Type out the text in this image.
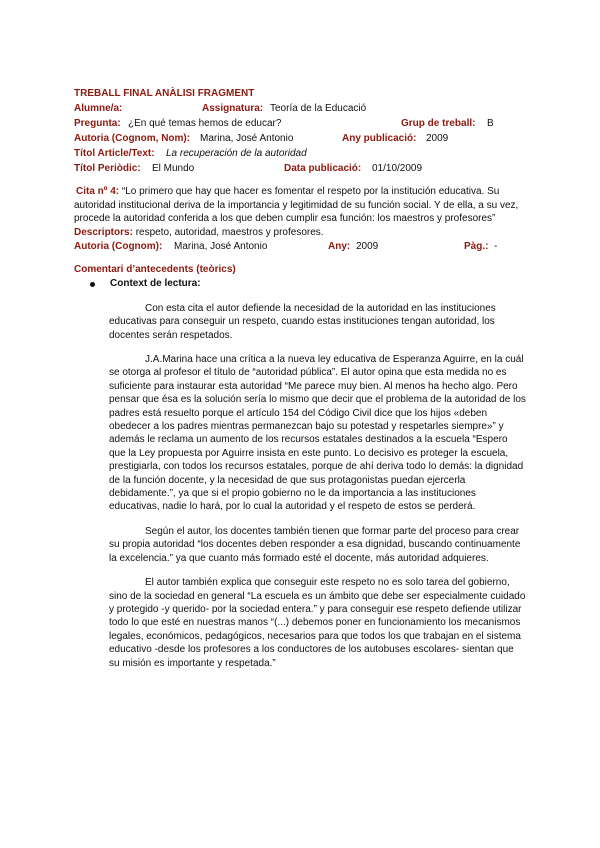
TREBALL FINAL ANÀLISI FRAGMENT
Alumne/a:	Assignatura: Teoría de la Educació
Pregunta: ¿En qué temas hemos de educar?	Grup de treball: B
Autoria (Cognom, Nom): Marina, José Antonio	Any publicació: 2009
Títol Article/Text: La recuperación de la autoridad
Títol Periòdic: El Mundo	Data publicació: 01/10/2009
Cita nº 4: “Lo primero que hay que hacer es fomentar el respeto por la institución educativa. Su autoridad institucional deriva de la importancia y legitimidad de su función social. Y de ella, a su vez, procede la autoridad conferida a los que deben cumplir esa función: los maestros y profesores”
Descriptors: respeto, autoridad, maestros y profesores.
Autoria (Cognom): Marina, José Antonio	Any: 2009	Pàg.: -
Comentari d’antecedents (teòrics)
Context de lectura:
Con esta cita el autor defiende la necesidad de la autoridad en las instituciones educativas para conseguir un respeto, cuando estas instituciones tengan autoridad, los docentes serán respetados.
J.A.Marina hace una crítica a la nueva ley educativa de Esperanza Aguirre, en la cuál se otorga al profesor el título de “autoridad pública”. El autor opina que esta medida no es suficiente para instaurar esta autoridad “Me parece muy bien. Al menos ha hecho algo. Pero pensar que ésa es la solución sería lo mismo que decir que el problema de la autoridad de los padres está resuelto porque el artículo 154 del Código Civil dice que los hijos «deben obedecer a los padres mientras permanezcan bajo su potestad y respetarles siempre»” y además le reclama un aumento de los recursos estatales destinados a la escuela “Espero que la Ley propuesta por Aguirre insista en este punto. Lo decisivo es proteger la escuela, prestigiarla, con todos los recursos estatales, porque de ahí deriva todo lo demás: la dignidad de la función docente, y la necesidad de que sus protagonistas puedan ejercerla debidamente.”, ya que si el propio gobierno no le da importancia a las instituciones educativas, nadie lo hará, por lo cual la autoridad y el respeto de estos se perderá.
Según el autor, los docentes también tienen que formar parte del proceso para crear su propia autoridad “los docentes deben responder a esa dignidad, buscando continuamente la excelencia.” ya que cuanto más formado esté el docente, más autoridad adquieres.
El autor también explica que conseguir este respeto no es solo tarea del gobierno, sino de la sociedad en general “La escuela es un ámbito que debe ser especialmente cuidado y protegido -y querido- por la sociedad entera.” y para conseguir ese respeto defiende utilizar todo lo que esté en nuestras manos “(...) debemos poner en funcionamiento los mecanismos legales, económicos, pedagógicos, necesarios para que todos los que trabajan en el sistema educativo -desde los profesores a los conductores de los autobuses escolares- sientan que su misión es importante y respetada.”
